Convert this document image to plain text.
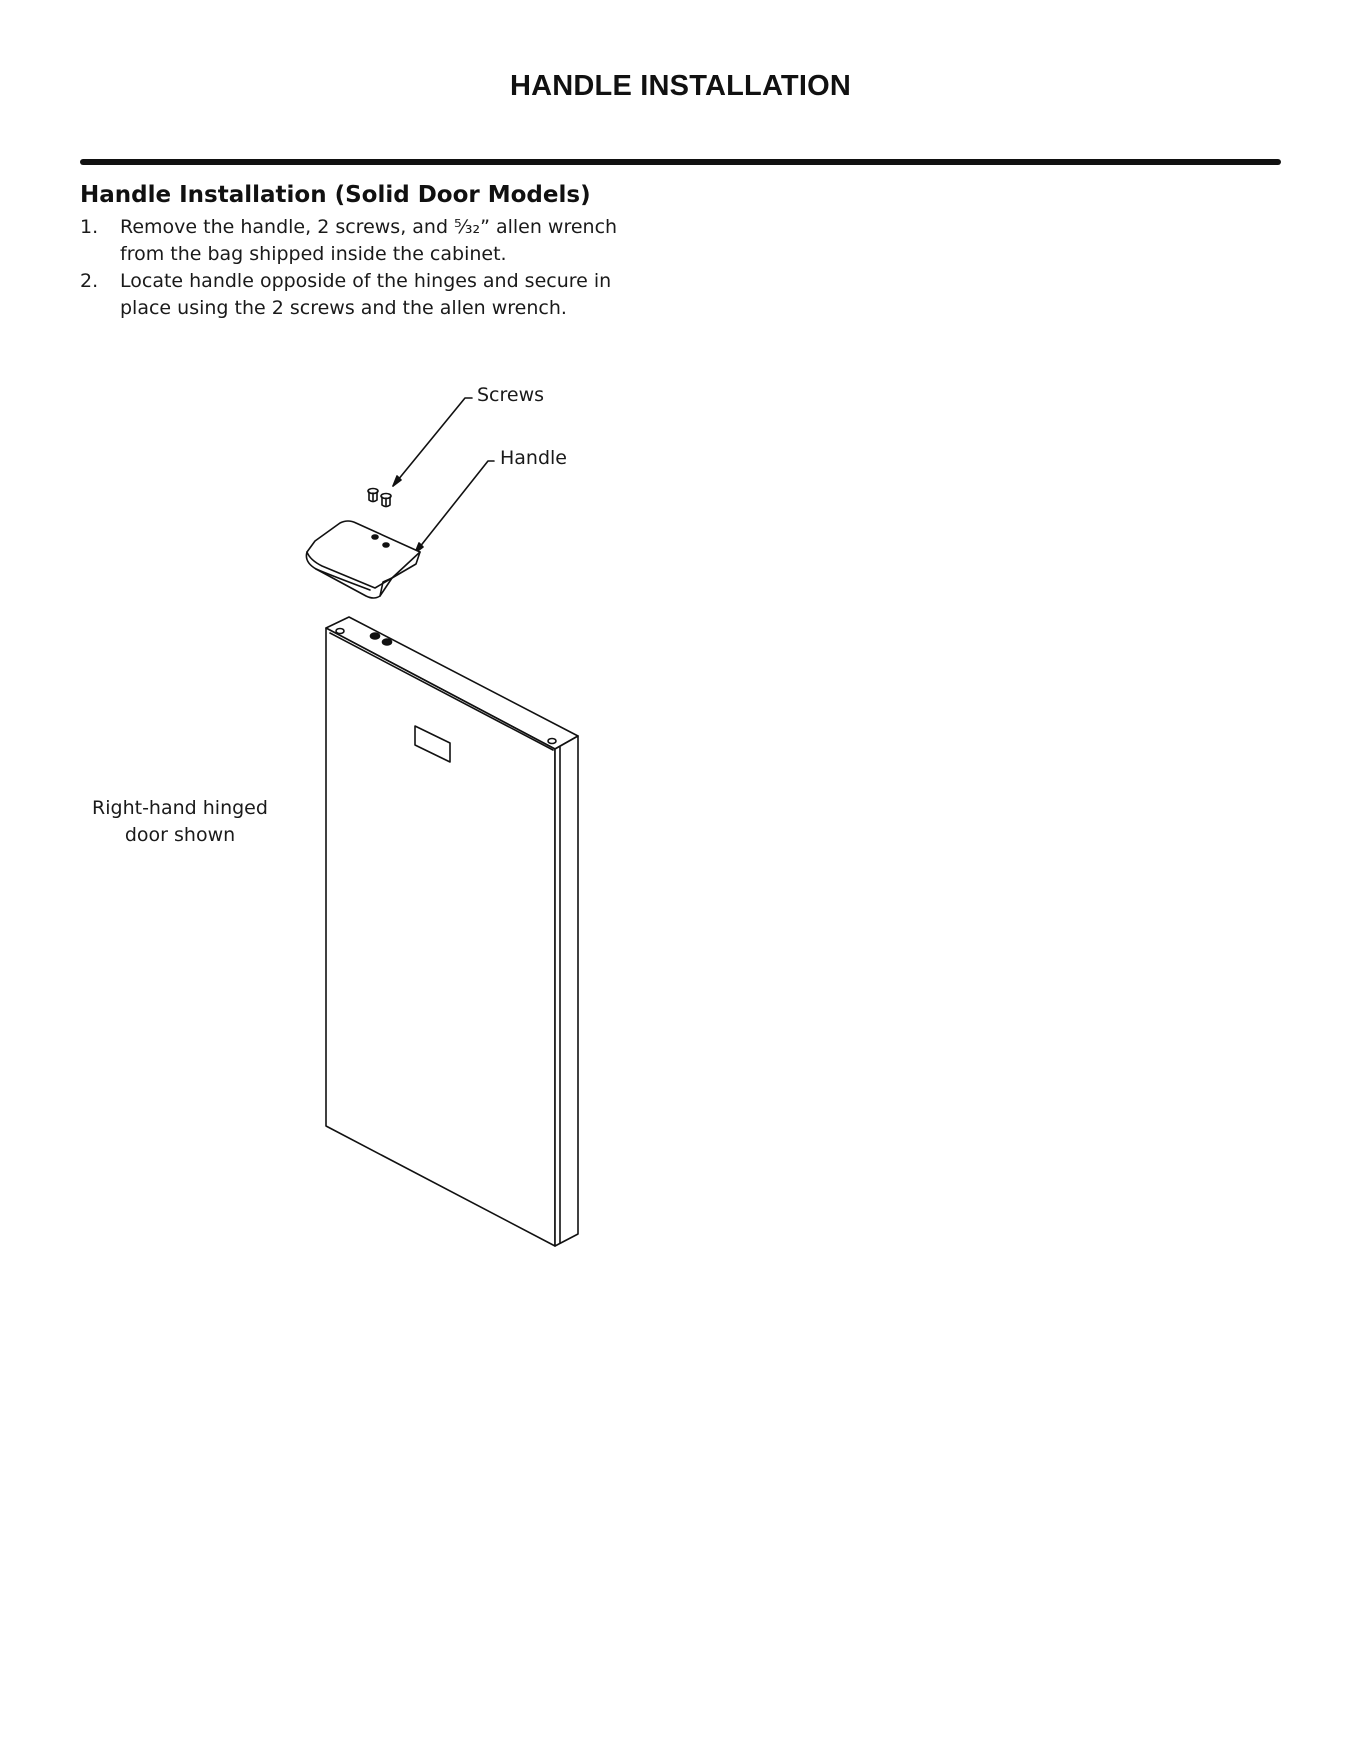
HANDLE INSTALLATION
Handle Installation (Solid Door Models)
1. Remove the handle, 2 screws, and ⁵⁄₃₂” allen wrench from the bag shipped inside the cabinet.
2. Locate handle opposide of the hinges and secure in place using the 2 screws and the allen wrench.
Screws
Handle
Right-hand hinged door shown
